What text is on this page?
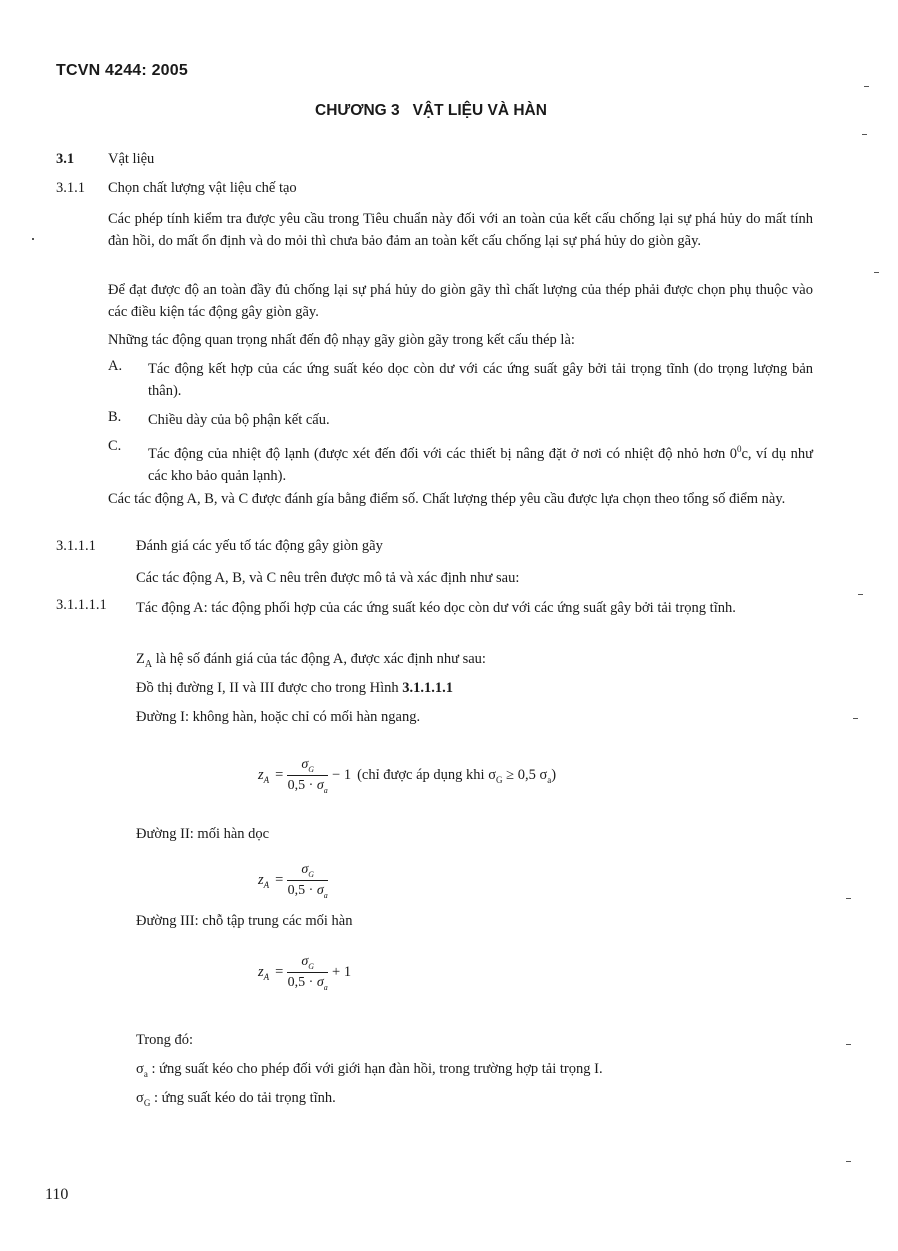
TCVN 4244: 2005
CHƯƠNG 3   VẬT LIỆU VÀ HÀN
3.1 Vật liệu
3.1.1 Chọn chất lượng vật liệu chế tạo
Các phép tính kiểm tra được yêu cầu trong Tiêu chuẩn này đối với an toàn của kết cấu chống lại sự phá hủy do mất tính đàn hồi, do mất ổn định và do mỏi thì chưa bảo đảm an toàn kết cấu chống lại sự phá hủy do giòn gãy.
Để đạt được độ an toàn đầy đủ chống lại sự phá hủy do giòn gãy thì chất lượng của thép phải được chọn phụ thuộc vào các điều kiện tác động gây giòn gãy.
Những tác động quan trọng nhất đến độ nhạy gãy giòn gãy trong kết cấu thép là:
A. Tác động kết hợp của các ứng suất kéo dọc còn dư với các ứng suất gây bởi tải trọng tĩnh (do trọng lượng bản thân).
B. Chiều dày của bộ phận kết cấu.
C. Tác động của nhiệt độ lạnh (được xét đến đối với các thiết bị nâng đặt ở nơi có nhiệt độ nhỏ hơn $0^0c$, ví dụ như các kho bảo quản lạnh).
Các tác động A, B, và C được đánh gía bằng điểm số. Chất lượng thép yêu cầu được lựa chọn theo tổng số điểm này.
3.1.1.1	Đánh giá các yếu tố tác động gây giòn gãy
Các tác động A, B, và C nêu trên được mô tả và xác định như sau:
3.1.1.1.1 Tác động A: tác động phối hợp của các ứng suất kéo dọc còn dư với các ứng suất gây bởi tải trọng tĩnh.
$Z_A$ là hệ số đánh giá của tác động A, được xác định như sau:
Đồ thị đường I, II và III được cho trong Hình 3.1.1.1.1
Đường I: không hàn, hoặc chỉ có mối hàn ngang.
$z_A = \frac{\sigma_G}{0,5 \cdot \sigma_a} - 1$ (chỉ được áp dụng khi $\sigma_G \ge 0,5$ $\sigma_a$)
Đường II: mối hàn dọc
$z_A = \frac{\sigma_G}{0,5 \cdot \sigma_a}$
Đường III: chỗ tập trung các mối hàn
$z_A = \frac{\sigma_G}{0,5 \cdot \sigma_a} + 1$
Trong đó:
$\sigma_a$ : ứng suất kéo cho phép đối với giới hạn đàn hồi, trong trường hợp tải trọng I.
$\sigma_G$ : ứng suất kéo do tải trọng tĩnh.
110
